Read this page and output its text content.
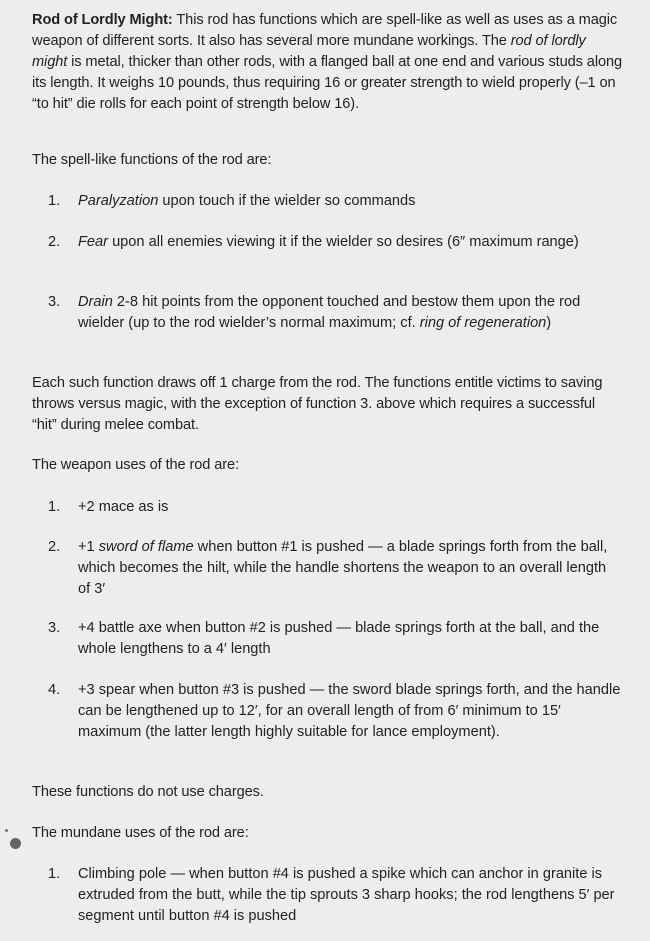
Rod of Lordly Might: This rod has functions which are spell-like as well as uses as a magic weapon of different sorts. It also has several more mundane workings. The rod of lordly might is metal, thicker than other rods, with a flanged ball at one end and various studs along its length. It weighs 10 pounds, thus requiring 16 or greater strength to wield properly (–1 on “to hit” die rolls for each point of strength below 16).
The spell-like functions of the rod are:
1.	Paralyzation upon touch if the wielder so commands
2.	Fear upon all enemies viewing it if the wielder so desires (6″ maximum range)
3.	Drain 2-8 hit points from the opponent touched and bestow them upon the rod wielder (up to the rod wielder’s normal maximum; cf. ring of regeneration)
Each such function draws off 1 charge from the rod. The functions entitle victims to saving throws versus magic, with the exception of function 3. above which requires a successful “hit” during melee combat.
The weapon uses of the rod are:
1.	+2 mace as is
2.	+1 sword of flame when button #1 is pushed — a blade springs forth from the ball, which becomes the hilt, while the handle shortens the weapon to an overall length of 3′
3.	+4 battle axe when button #2 is pushed — blade springs forth at the ball, and the whole lengthens to a 4′ length
4.	+3 spear when button #3 is pushed — the sword blade springs forth, and the handle can be lengthened up to 12′, for an overall length of from 6′ minimum to 15′ maximum (the latter length highly suitable for lance employment).
These functions do not use charges.
The mundane uses of the rod are:
1.	Climbing pole — when button #4 is pushed a spike which can anchor in granite is extruded from the butt, while the tip sprouts 3 sharp hooks; the rod lengthens 5′ per segment until button #4 is pushed
